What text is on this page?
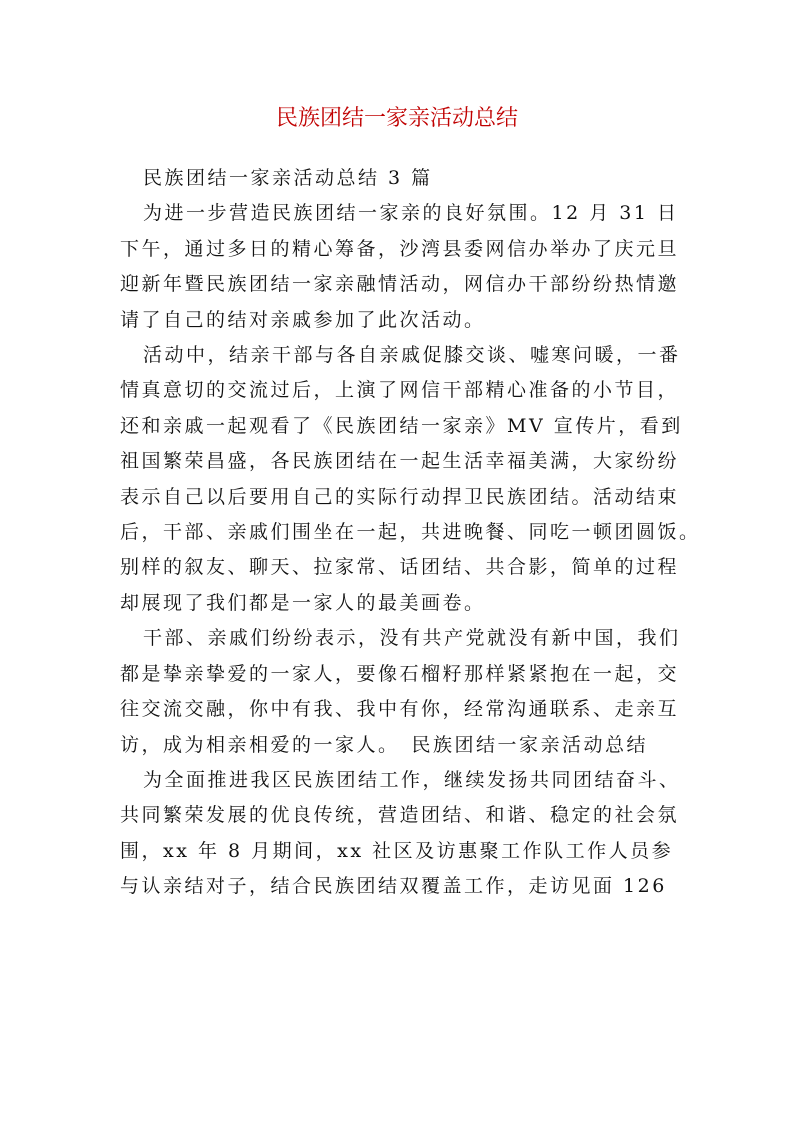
民族团结一家亲活动总结
民族团结一家亲活动总结 3 篇
为进一步营造民族团结一家亲的良好氛围。12 月 31 日
下午，通过多日的精心筹备，沙湾县委网信办举办了庆元旦
迎新年暨民族团结一家亲融情活动，网信办干部纷纷热情邀
请了自己的结对亲戚参加了此次活动。
活动中，结亲干部与各自亲戚促膝交谈、嘘寒问暖，一番
情真意切的交流过后，上演了网信干部精心准备的小节目，
还和亲戚一起观看了《民族团结一家亲》MV 宣传片，看到
祖国繁荣昌盛，各民族团结在一起生活幸福美满，大家纷纷
表示自己以后要用自己的实际行动捍卫民族团结。活动结束
后，干部、亲戚们围坐在一起，共进晚餐、同吃一顿团圆饭。
别样的叙友、聊天、拉家常、话团结、共合影，简单的过程
却展现了我们都是一家人的最美画卷。
干部、亲戚们纷纷表示，没有共产党就没有新中国，我们
都是挚亲挚爱的一家人，要像石榴籽那样紧紧抱在一起，交
往交流交融，你中有我、我中有你，经常沟通联系、走亲互
访，成为相亲相爱的一家人。　民族团结一家亲活动总结
为全面推进我区民族团结工作，继续发扬共同团结奋斗、
共同繁荣发展的优良传统，营造团结、和谐、稳定的社会氛
围，xx 年 8 月期间，xx 社区及访惠聚工作队工作人员参
与认亲结对子，结合民族团结双覆盖工作，走访见面 126
